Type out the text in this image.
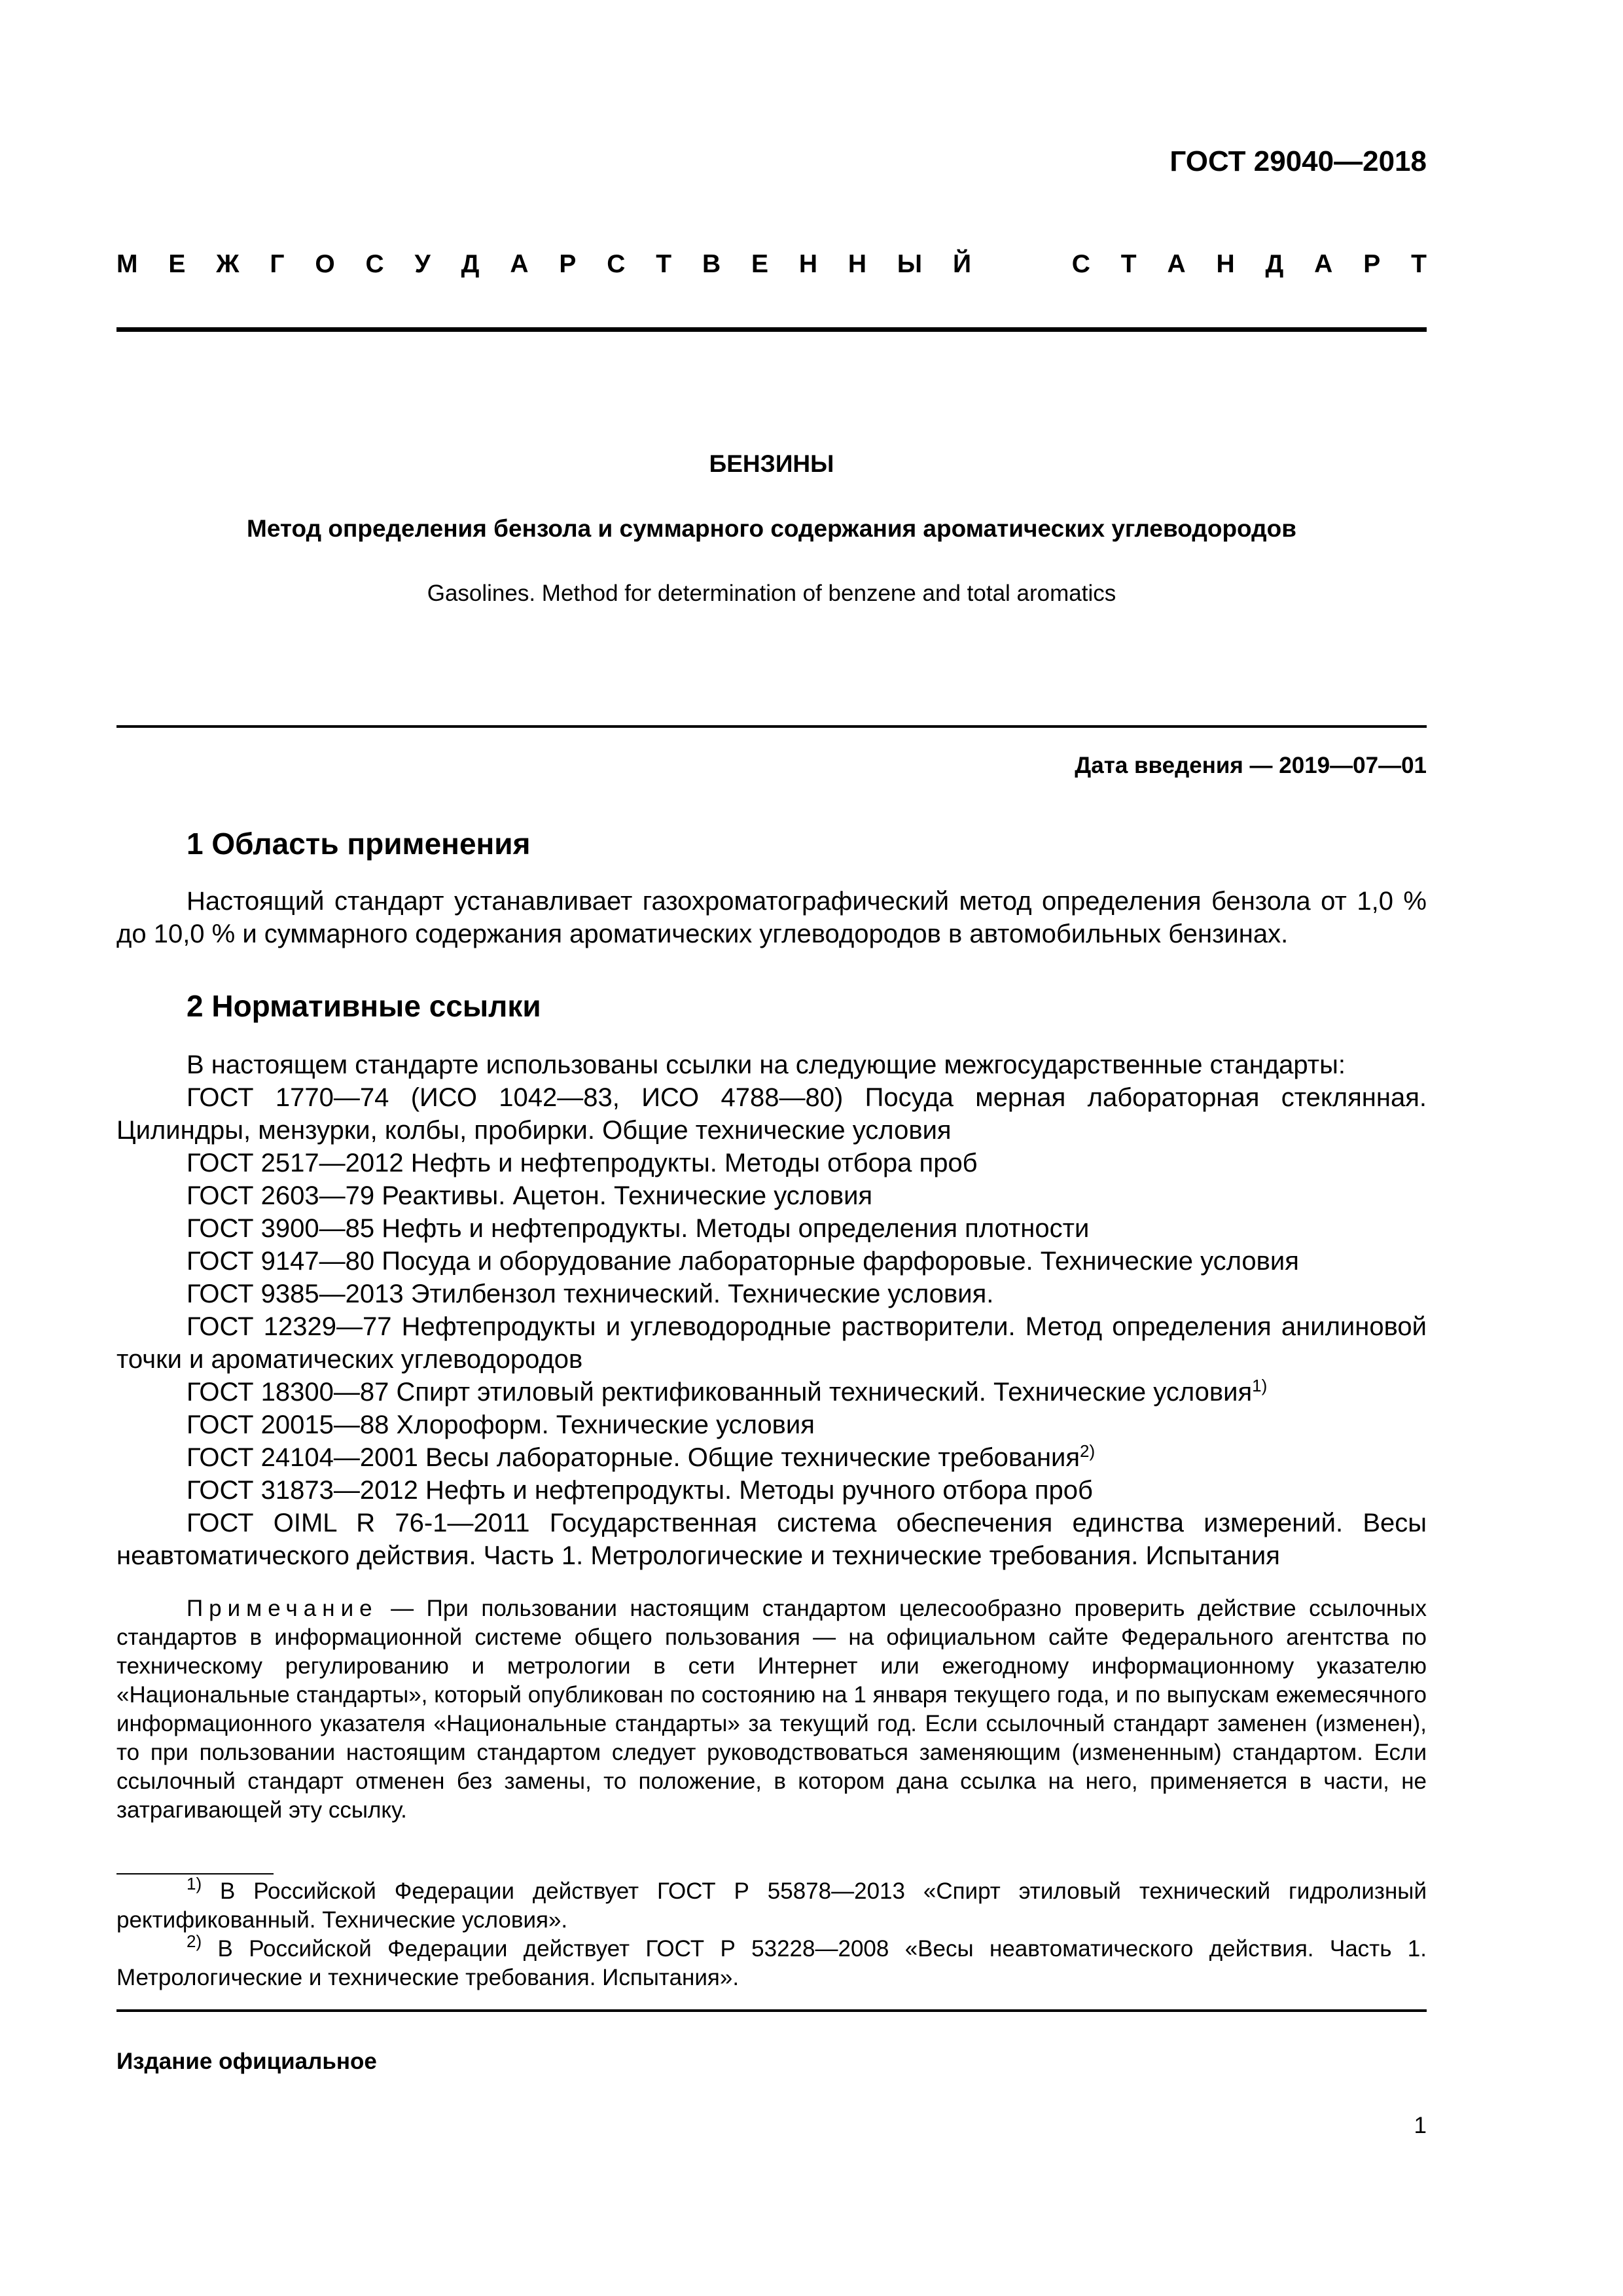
ГОСТ 29040—2018
М Е Ж Г О С У Д А Р С Т В Е Н Н Ы Й	С Т А Н Д А Р Т
БЕНЗИНЫ
Метод определения бензола и суммарного содержания ароматических углеводородов
Gasolines. Method for determination of benzene and total aromatics
Дата введения — 2019—07—01
1 Область применения

Настоящий стандарт устанавливает газохроматографический метод определения бензола от 1,0 % до 10,0 % и суммарного содержания ароматических углеводородов в автомобильных бензинах.

2 Нормативные ссылки

В настоящем стандарте использованы ссылки на следующие межгосударственные стандарты:

ГОСТ 1770—74 (ИСО 1042—83, ИСО 4788—80) Посуда мерная лабораторная стеклянная. Цилиндры, мензурки, колбы, пробирки. Общие технические условия

ГОСТ 2517—2012 Нефть и нефтепродукты. Методы отбора проб

ГОСТ 2603—79 Реактивы. Ацетон. Технические условия

ГОСТ 3900—85 Нефть и нефтепродукты. Методы определения плотности

ГОСТ 9147—80 Посуда и оборудование лабораторные фарфоровые. Технические условия

ГОСТ 9385—2013 Этилбензол технический. Технические условия.

ГОСТ 12329—77 Нефтепродукты и углеводородные растворители. Метод определения анилиновой точки и ароматических углеводородов

ГОСТ 18300—87 Спирт этиловый ректификованный технический. Технические условия$^{1)}$

ГОСТ 20015—88 Хлороформ. Технические условия

ГОСТ 24104—2001 Весы лабораторные. Общие технические требования$^{2)}$

ГОСТ 31873—2012 Нефть и нефтепродукты. Методы ручного отбора проб

ГОСТ OIML R 76-1—2011 Государственная система обеспечения единства измерений. Весы неавтоматического действия. Часть 1. Метрологические и технические требования. Испытания

Примечание — При пользовании настоящим стандартом целесообразно проверить действие ссылочных стандартов в информационной системе общего пользования — на официальном сайте Федерального агентства по техническому регулированию и метрологии в сети Интернет или ежегодному информационному указателю «Национальные стандарты», который опубликован по состоянию на 1 января текущего года, и по выпускам ежемесячного информационного указателя «Национальные стандарты» за текущий год. Если ссылочный стандарт заменен (изменен), то при пользовании настоящим стандартом следует руководствоваться заменяющим (измененным) стандартом. Если ссылочный стандарт отменен без замены, то положение, в котором дана ссылка на него, применяется в части, не затрагивающей эту ссылку.

$^{1)}$ В Российской Федерации действует ГОСТ Р 55878—2013 «Спирт этиловый технический гидролизный ректификованный. Технические условия».

$^{2)}$ В Российской Федерации действует ГОСТ Р 53228—2008 «Весы неавтоматического действия. Часть 1. Метрологические и технические требования. Испытания».

Издание официальное
1
